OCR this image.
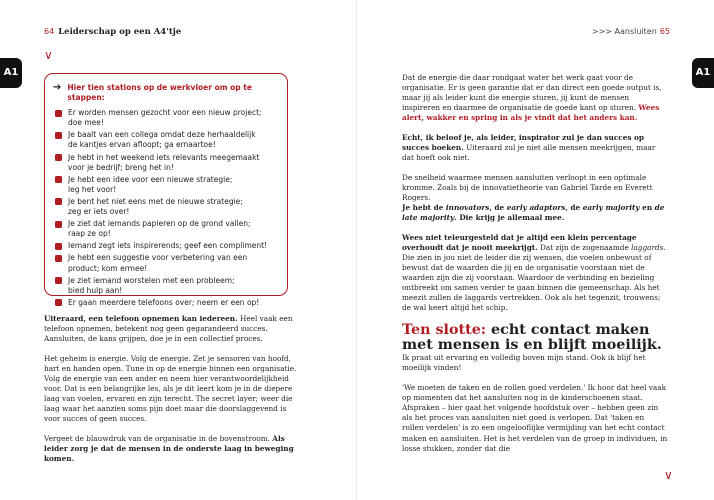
A1	A1
64 Leiderschap op een A4'tje	>>> Aansluiten 65
∨
∨
➔ Hier tien stations op de werkvloer om op te stappen:
Er worden mensen gezocht voor een nieuw project;
doe mee!
Je baalt van een collega omdat deze herhaaldelijk
de kantjes ervan afloopt; ga ernaartoe!
Je hebt in het weekend iets relevants meegemaakt
voor je bedrijf; breng het in!
Je hebt een idee voor een nieuwe strategie;
leg het voor!
Je bent het niet eens met de nieuwe strategie;
zeg er iets over!
Je ziet dat iemands papieren op de grond vallen;
raap ze op!
Iemand zegt iets inspirerends; geef een compliment!
Je hebt een suggestie voor verbetering van een
product; kom ermee!
Je ziet iemand worstelen met een probleem;
bied hulp aan!
Er gaan meerdere telefoons over; neem er een op!

Uiteraard, een telefoon opnemen kan iedereen. Heel vaak een telefoon opnemen, betekent nog geen gegarandeerd succes. Aansluiten, de kans grijpen, doe je in een collectief proces.

Het geheim is energie. Volg de energie. Zet je sensoren van hoofd, hart en handen open. Tune in op de energie binnen een organisatie. Volg de energie van een ander en neem hier verantwoordelijkheid voor. Dat is een belangrijke les, als je dit leert kom je in de diepere laag van voelen, ervaren en zijn terecht. The secret layer; weer die laag waar het aanzien soms pijn doet maar die doorslaggevend is voor succes of geen succes.

Vergeet de blauwdruk van de organisatie in de bovenstroom. Als leider zorg je dat de mensen in de onderste laag in beweging komen.

Dat de energie die daar rondgaat water het werk gaat voor de organisatie. Er is geen garantie dat er dan direct een goede output is, maar jij als leider kunt die energie sturen, jij kunt de mensen inspireren en daarmee de organisatie de goede kant op sturen. Wees alert, wakker en spring in als je vindt dat het anders kan.

Echt, ik beloof je, als leider, inspirator zul je dan succes op succes boeken. Uiteraard zul je niet alle mensen meekrijgen, maar dat hoeft ook niet.

De snelheid waarmee mensen aansluiten verloopt in een optimale kromme. Zoals bij de innovatietheorie van Gabriel Tarde en Everett Rogers.
Je hebt de innovators, de early adaptors, de early majority en de late majority. Die krijg je allemaal mee.

Wees niet teleurgesteld dat je altijd een klein percentage overhoudt dat je nooit meekrijgt. Dat zijn de zogenaamde laggards. Die zien in jou niet de leider die zij wensen, die voelen onbewust of bewust dat de waarden die jij en de organisatie voorstaan niet de waarden zijn die zij voorstaan. Waardoor de verbinding en bezieling ontbreekt om samen verder te gaan binnen die gemeenschap. Als het meezit zullen de laggards vertrekken. Ook als het tegenzit, trouwens; de wal keert altijd het schip.

Ten slotte: echt contact maken met mensen is en blijft moeilijk.

Ik praat uit ervaring en volledig boven mijn stand. Ook ik blijf het moeilijk vinden!

'We moeten de taken en de rollen goed verdelen.' Ik hoor dat heel vaak op momenten dat het aansluiten nog in de kinderschoenen staat. Afspraken – hier gaat het volgende hoofdstuk over – hebben geen zin als het proces van aansluiten niet goed is verlopen. Dat 'taken en rollen verdelen' is zo een ongelooflijke vermijding van het echt contact maken en aansluiten. Het is het verdelen van de groep in individuen, in losse stukken, zonder dat die
